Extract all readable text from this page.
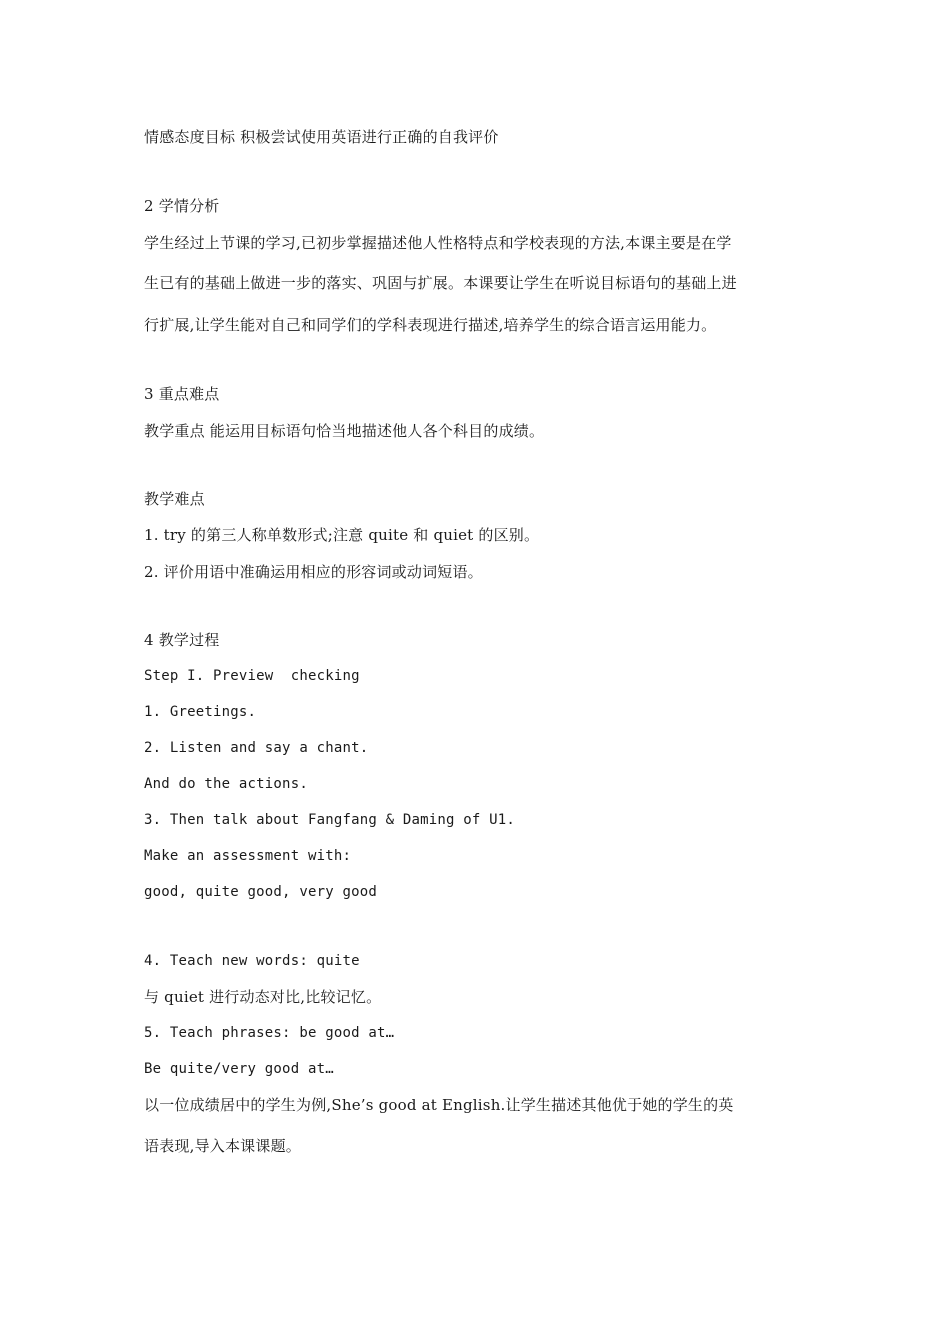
情感态度目标 积极尝试使用英语进行正确的自我评价
2 学情分析
学生经过上节课的学习,已初步掌握描述他人性格特点和学校表现的方法,本课主要是在学
生已有的基础上做进一步的落实、巩固与扩展。本课要让学生在听说目标语句的基础上进
行扩展,让学生能对自己和同学们的学科表现进行描述,培养学生的综合语言运用能力。
3 重点难点
教学重点 能运用目标语句恰当地描述他人各个科目的成绩。
教学难点
1. try 的第三人称单数形式;注意 quite 和 quiet 的区别。
2. 评价用语中准确运用相应的形容词或动词短语。
4 教学过程
Step I. Preview  checking
1. Greetings.
2. Listen and say a chant.
And do the actions.
3. Then talk about Fangfang & Daming of U1.
Make an assessment with:
good, quite good, very good
4. Teach new words: quite
与 quiet 进行动态对比,比较记忆。
5. Teach phrases: be good at…
Be quite/very good at…
以一位成绩居中的学生为例,She’s good at English.让学生描述其他优于她的学生的英
语表现,导入本课课题。
